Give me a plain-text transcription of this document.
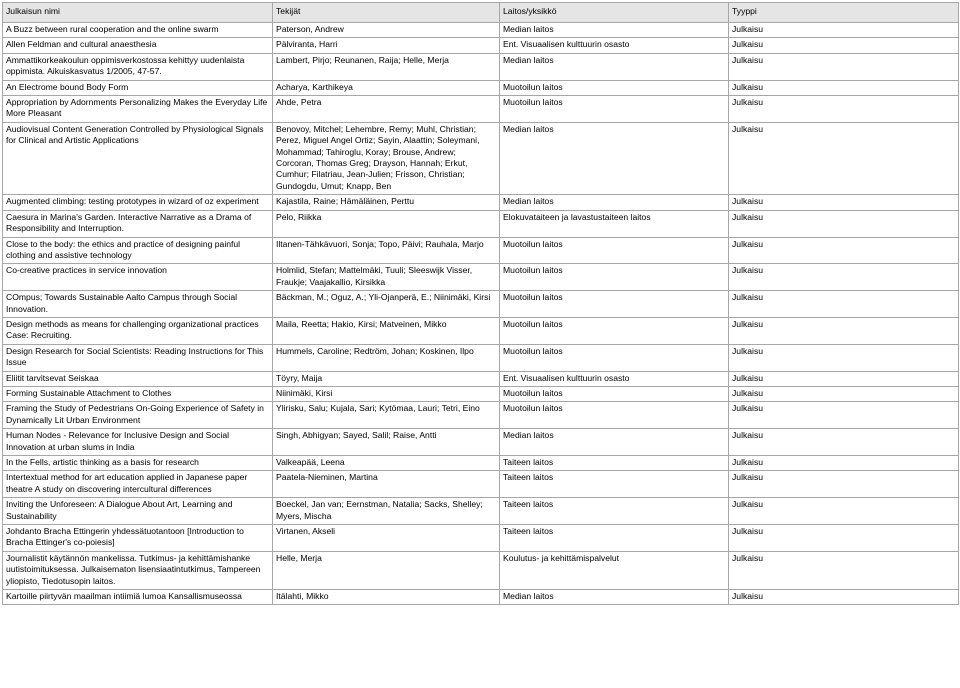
Julkaisun nimi	Tekijät	Laitos/yksikkö	Tyyppi
A Buzz between rural cooperation and the online swarm	Paterson, Andrew	Median laitos	Julkaisu
Allen Feldman and cultural anaesthesia	Pälviranta, Harri	Ent. Visuaalisen kulttuurin osasto	Julkaisu
Ammattikorkeakoulun oppimisverkostossa kehittyy uudenlaista oppimista. Aikuiskasvatus 1/2005, 47-57.	Lambert, Pirjo; Reunanen, Raija; Helle, Merja	Median laitos	Julkaisu
An Electrome bound Body Form	Acharya, Karthikeya	Muotoilun laitos	Julkaisu
Appropriation by Adornments Personalizing Makes the Everyday Life More Pleasant	Ahde, Petra	Muotoilun laitos	Julkaisu
Audiovisual Content Generation Controlled by Physiological Signals for Clinical and Artistic Applications	Benovoy, Mitchel; Lehembre, Remy; Muhl, Christian; Perez, Miguel Angel Ortiz; Sayin, Alaattin; Soleymani, Mohammad; Tahiroglu, Koray; Brouse, Andrew; Corcoran, Thomas Greg; Drayson, Hannah; Erkut, Cumhur; Filatriau, Jean-Julien; Frisson, Christian; Gundogdu, Umut; Knapp, Ben	Median laitos	Julkaisu
Augmented climbing: testing prototypes in wizard of oz experiment	Kajastila, Raine; Hämäläinen, Perttu	Median laitos	Julkaisu
Caesura in Marina's Garden. Interactive Narrative as a Drama of Responsibility and Interruption.	Pelo, Riikka	Elokuvataiteen ja lavastustaiteen laitos	Julkaisu
Close to the body: the ethics and practice of designing painful clothing and assistive technology	Iltanen-Tähkävuori, Sonja; Topo, Päivi; Rauhala, Marjo	Muotoilun laitos	Julkaisu
Co-creative practices in service innovation	Holmlid, Stefan; Mattelmäki, Tuuli; Sleeswijk Visser, Fraukje; Vaajakallio, Kirsikka	Muotoilun laitos	Julkaisu
COmpus; Towards Sustainable Aalto Campus through Social Innovation.	Bäckman, M.; Oguz, A.; Yli-Ojanperä, E.; Niinimäki, Kirsi	Muotoilun laitos	Julkaisu
Design methods as means for challenging organizational practices Case: Recruiting.	Maila, Reetta; Hakio, Kirsi; Matveinen, Mikko	Muotoilun laitos	Julkaisu
Design Research for Social Scientists: Reading Instructions for This Issue	Hummels, Caroline; Redtröm, Johan; Koskinen, Ilpo	Muotoilun laitos	Julkaisu
Eliitit tarvitsevat Seiskaa	Töyry, Maija	Ent. Visuaalisen kulttuurin osasto	Julkaisu
Forming Sustainable Attachment to Clothes	Niinimäki, Kirsi	Muotoilun laitos	Julkaisu
Framing the Study of Pedestrians On-Going Experience of Safety in Dynamically Lit Urban Environment	Ylirisku, Salu; Kujala, Sari; Kytömaa, Lauri; Tetri, Eino	Muotoilun laitos	Julkaisu
Human Nodes - Relevance for Inclusive Design and Social Innovation at urban slums in India	Singh, Abhigyan; Sayed, Salil; Raise, Antti	Median laitos	Julkaisu
In the Fells, artistic thinking as a basis for research	Valkeapää, Leena	Taiteen laitos	Julkaisu
Intertextual method for art education applied in Japanese paper theatre A study on discovering intercultural differences	Paatela-Nieminen, Martina	Taiteen laitos	Julkaisu
Inviting the Unforeseen: A Dialogue About Art, Learning and Sustainability	Boeckel, Jan van; Eernstman, Natalia; Sacks, Shelley; Myers, Mischa	Taiteen laitos	Julkaisu
Johdanto Bracha Ettingerin yhdessätuotantoon [Introduction to Bracha Ettinger's co-poiesis]	Virtanen, Akseli	Taiteen laitos	Julkaisu
Journalistit käytännön mankelissa. Tutkimus- ja kehittämishanke uutistoimituksessa. Julkaisematon lisensiaatintutkimus, Tampereen yliopisto, Tiedotusopin laitos.	Helle, Merja	Koulutus- ja kehittämispalvelut	Julkaisu
Kartoille piirtyvän maailman intiimiä lumoa Kansallismuseossa	Itälahti, Mikko	Median laitos	Julkaisu
